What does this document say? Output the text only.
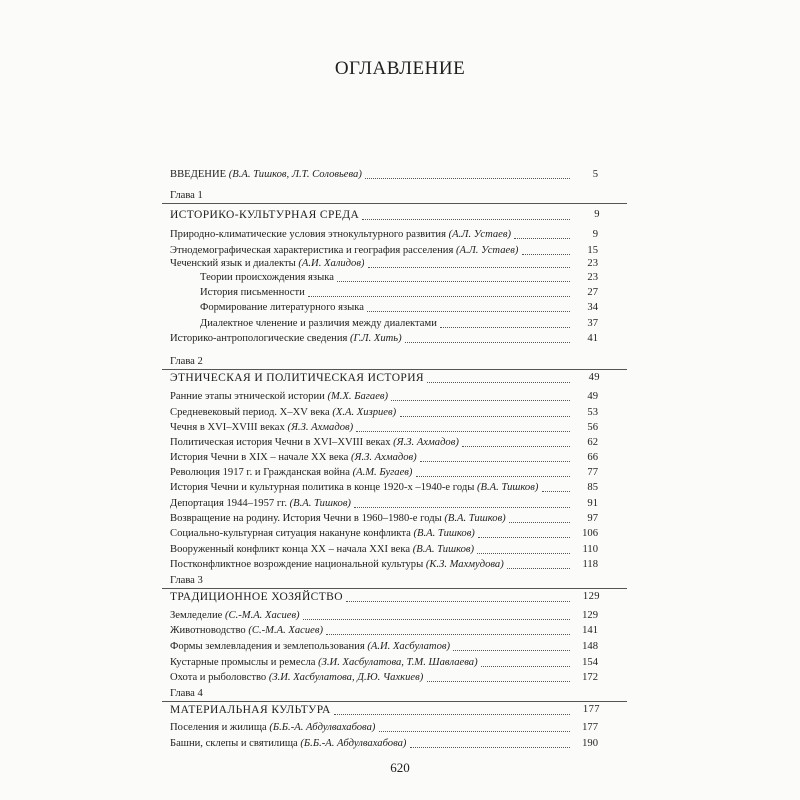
ОГЛАВЛЕНИЕ
ВВЕДЕНИЕ (В.А. Тишков, Л.Т. Соловьева)	5
Глава 1
ИСТОРИКО-КУЛЬТУРНАЯ СРЕДА	9
Природно-климатические условия этнокультурного развития (А.Л. Устаев)	9
Этнодемографическая характеристика и география расселения (А.Л. Устаев)	15
Чеченский язык и диалекты (А.И. Халидов)	23
Теории происхождения языка	23
История письменности	27
Формирование литературного языка	34
Диалектное членение и различия между диалектами	37
Историко-антропологические сведения (Г.Л. Хить)	41
Глава 2
ЭТНИЧЕСКАЯ И ПОЛИТИЧЕСКАЯ ИСТОРИЯ	49
Ранние этапы этнической истории (М.Х. Багаев)	49
Средневековый период. X–XV века (Х.А. Хизриев)	53
Чечня в XVI–XVIII веках (Я.З. Ахмадов)	56
Политическая история Чечни в XVI–XVIII веках (Я.З. Ахмадов)	62
История Чечни в XIX – начале XX века (Я.З. Ахмадов)	66
Революция 1917 г. и Гражданская война (А.М. Бугаев)	77
История Чечни и культурная политика в конце 1920-х –1940-е годы (В.А. Тишков)	85
Депортация 1944–1957 гг. (В.А. Тишков)	91
Возвращение на родину. История Чечни в 1960–1980-е годы (В.А. Тишков)	97
Социально-культурная ситуация накануне конфликта (В.А. Тишков)	106
Вооруженный конфликт конца XX – начала XXI века (В.А. Тишков)	110
Постконфликтное возрождение национальной культуры (К.З. Махмудова)	118
Глава 3
ТРАДИЦИОННОЕ ХОЗЯЙСТВО	129
Земледелие (С.-М.А. Хасиев)	129
Животноводство (С.-М.А. Хасиев)	141
Формы землевладения и землепользования (А.И. Хасбулатов)	148
Кустарные промыслы и ремесла (З.И. Хасбулатова, Т.М. Шавлаева)	154
Охота и рыболовство (З.И. Хасбулатова, Д.Ю. Чахкиев)	172
Глава 4
МАТЕРИАЛЬНАЯ КУЛЬТУРА	177
Поселения и жилища (Б.Б.-А. Абдулвахабова)	177
Башни, склепы и святилища (Б.Б.-А. Абдулвахабова)	190
620
